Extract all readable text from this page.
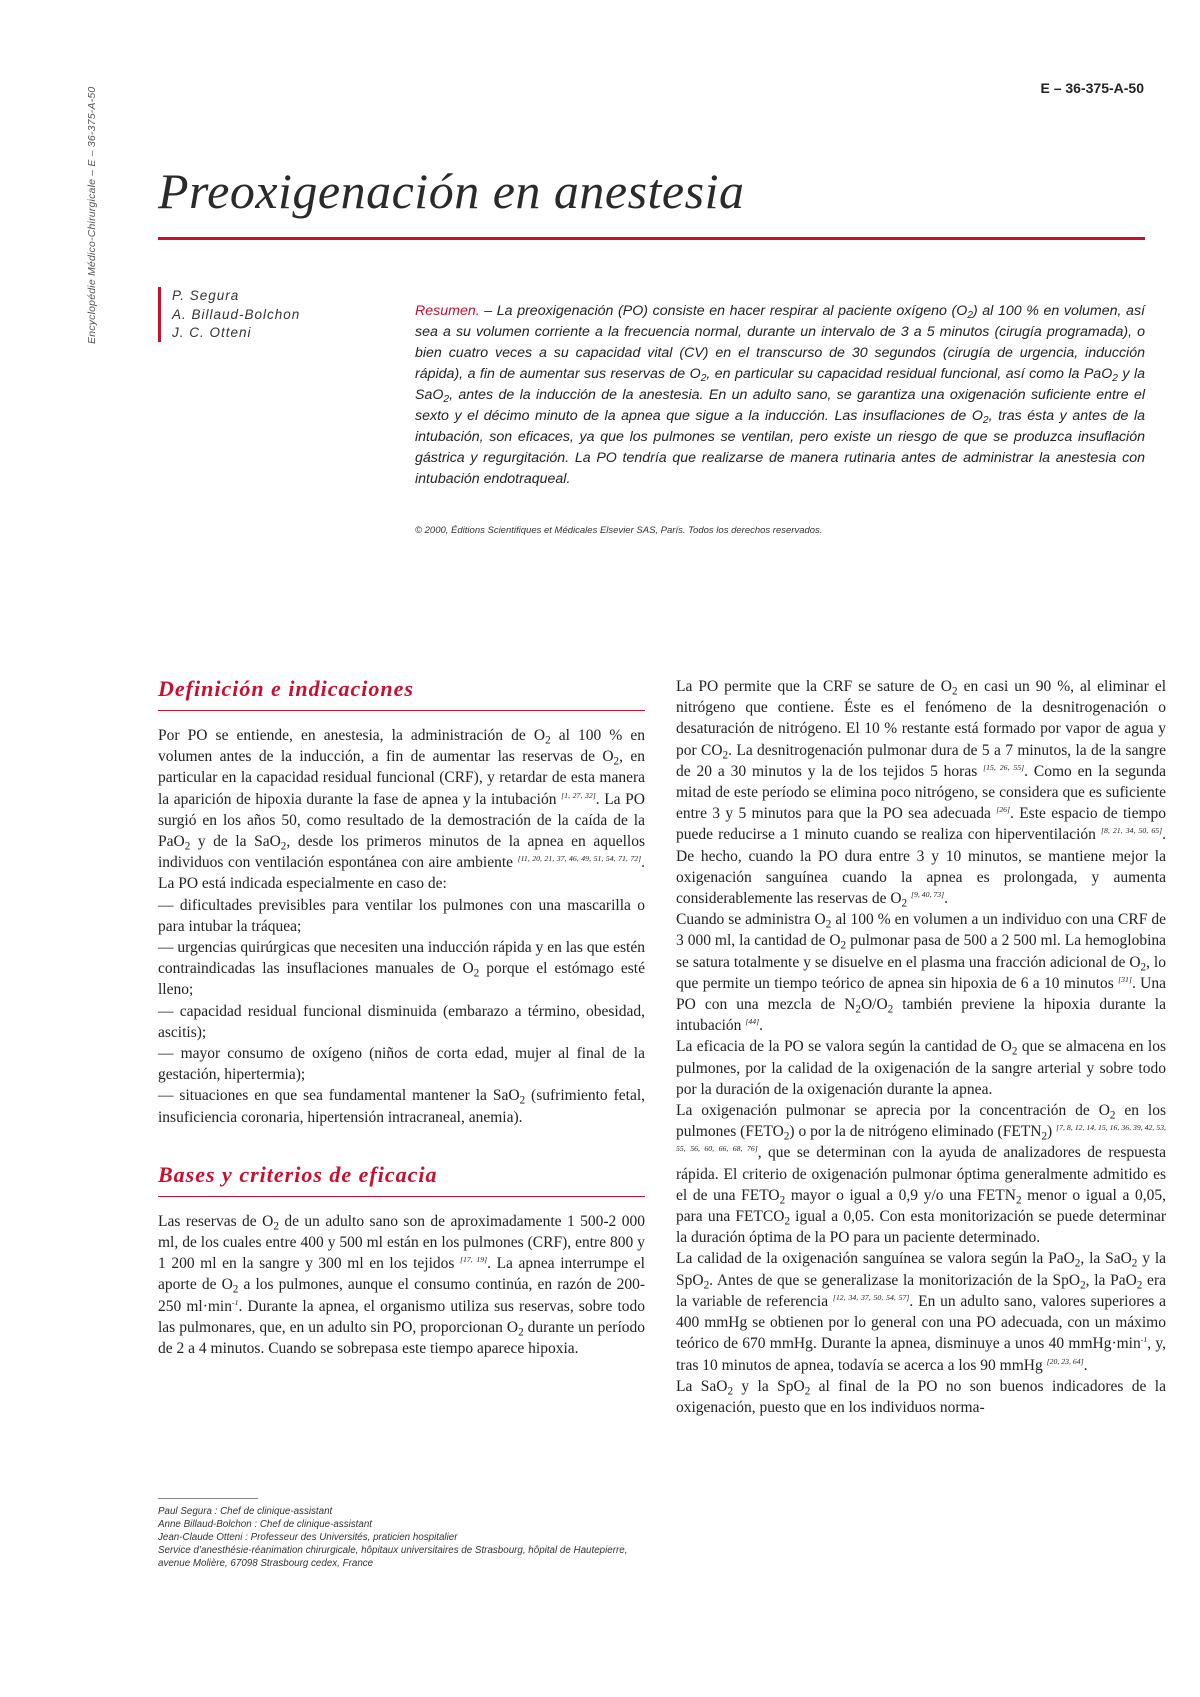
Encyclopédie Médico-Chirurgicale – E – 36-375-A-50	E – 36-375-A-50
Preoxigenación en anestesia
P. Segura
A. Billaud-Bolchon
J. C. Otteni
Resumen. – La preoxigenación (PO) consiste en hacer respirar al paciente oxígeno $(O_2)$ al 100 % en volumen, así sea a su volumen corriente a la frecuencia normal, durante un intervalo de 3 a 5 minutos (cirugía programada), o bien cuatro veces a su capacidad vital (CV) en el transcurso de 30 segundos (cirugía de urgencia, inducción rápida), a fin de aumentar sus reservas de $O_2$, en particular su capacidad residual funcional, así como la PaO$_2$ y la SaO$_2$, antes de la inducción de la anestesia. En un adulto sano, se garantiza una oxigenación suficiente entre el sexto y el décimo minuto de la apnea que sigue a la inducción. Las insuflaciones de $O_2$, tras ésta y antes de la intubación, son eficaces, ya que los pulmones se ventilan, pero existe un riesgo de que se produzca insuflación gástrica y regurgitación. La PO tendría que realizarse de manera rutinaria antes de administrar la anestesia con intubación endotraqueal.
© 2000, Éditions Scientifiques et Médicales Elsevier SAS, París. Todos los derechos reservados.
Definición e indicaciones

Por PO se entiende, en anestesia, la administración de $O_2$ al 100 % en volumen antes de la inducción, a fin de aumentar las reservas de $O_2$, en particular en la capacidad residual funcional (CRF), y retardar de esta manera la aparición de hipoxia durante la fase de apnea y la intubación [1, 27, 32]. La PO surgió en los años 50, como resultado de la demostración de la caída de la PaO$_2$ y de la SaO$_2$, desde los primeros minutos de la apnea en aquellos individuos con ventilación espontánea con aire ambiente [11, 20, 21, 37, 46, 49, 51, 54, 71, 72]. La PO está indicada especialmente en caso de:

— dificultades previsibles para ventilar los pulmones con una mascarilla o para intubar la tráquea;

— urgencias quirúrgicas que necesiten una inducción rápida y en las que estén contraindicadas las insuflaciones manuales de $O_2$ porque el estómago esté lleno;

— capacidad residual funcional disminuida (embarazo a término, obesidad, ascitis);

— mayor consumo de oxígeno (niños de corta edad, mujer al final de la gestación, hipertermia);

— situaciones en que sea fundamental mantener la SaO$_2$ (sufrimiento fetal, insuficiencia coronaria, hipertensión intracraneal, anemia).

Bases y criterios de eficacia

Las reservas de $O_2$ de un adulto sano son de aproximadamente 1 500-2 000 ml, de los cuales entre 400 y 500 ml están en los pulmones (CRF), entre 800 y 1 200 ml en la sangre y 300 ml en los tejidos [17, 19]. La apnea interrumpe el aporte de $O_2$ a los pulmones, aunque el consumo continúa, en razón de 200-250 ml·min$^{-1}$. Durante la apnea, el organismo utiliza sus reservas, sobre todo las pulmonares, que, en un adulto sin PO, proporcionan $O_2$ durante un período de 2 a 4 minutos. Cuando se sobrepasa este tiempo aparece hipoxia.

La PO permite que la CRF se sature de $O_2$ en casi un 90 %, al eliminar el nitrógeno que contiene. Éste es el fenómeno de la desnitrogenación o desaturación de nitrógeno. El 10 % restante está formado por vapor de agua y por $CO_2$. La desnitrogenación pulmonar dura de 5 a 7 minutos, la de la sangre de 20 a 30 minutos y la de los tejidos 5 horas [15, 26, 55]. Como en la segunda mitad de este período se elimina poco nitrógeno, se considera que es suficiente entre 3 y 5 minutos para que la PO sea adecuada [26]. Este espacio de tiempo puede reducirse a 1 minuto cuando se realiza con hiperventilación [8, 21, 34, 50, 65]. De hecho, cuando la PO dura entre 3 y 10 minutos, se mantiene mejor la oxigenación sanguínea cuando la apnea es prolongada, y aumenta considerablemente las reservas de $O_2$ [9, 40, 73].

Cuando se administra $O_2$ al 100 % en volumen a un individuo con una CRF de 3 000 ml, la cantidad de $O_2$ pulmonar pasa de 500 a 2 500 ml. La hemoglobina se satura totalmente y se disuelve en el plasma una fracción adicional de $O_2$, lo que permite un tiempo teórico de apnea sin hipoxia de 6 a 10 minutos [31]. Una PO con una mezcla de $N_2O/O_2$ también previene la hipoxia durante la intubación [44].

La eficacia de la PO se valora según la cantidad de $O_2$ que se almacena en los pulmones, por la calidad de la oxigenación de la sangre arterial y sobre todo por la duración de la oxigenación durante la apnea.

La oxigenación pulmonar se aprecia por la concentración de $O_2$ en los pulmones $(FETO_2)$ o por la de nitrógeno eliminado $(FETN_2)$ [7, 8, 12, 14, 15, 16, 36, 39, 42, 53, 55, 56, 60, 66, 68, 76], que se determinan con la ayuda de analizadores de respuesta rápida. El criterio de oxigenación pulmonar óptima generalmente admitido es el de una $FETO_2$ mayor o igual a 0,9 y/o una $FETN_2$ menor o igual a 0,05, para una $FETCO_2$ igual a 0,05. Con esta monitorización se puede determinar la duración óptima de la PO para un paciente determinado.

La calidad de la oxigenación sanguínea se valora según la PaO$_2$, la SaO$_2$ y la SpO$_2$. Antes de que se generalizase la monitorización de la SpO$_2$, la PaO$_2$ era la variable de referencia [12, 34, 37, 50, 54, 57]. En un adulto sano, valores superiores a 400 mmHg se obtienen por lo general con una PO adecuada, con un máximo teórico de 670 mmHg. Durante la apnea, disminuye a unos 40 mmHg·min$^{-1}$, y, tras 10 minutos de apnea, todavía se acerca a los 90 mmHg [20, 23, 64].

La SaO$_2$ y la SpO$_2$ al final de la PO no son buenos indicadores de la oxigenación, puesto que en los individuos norma-

Paul Segura : Chef de clinique-assistant
Anne Billaud-Bolchon : Chef de clinique-assistant
Jean-Claude Otteni : Professeur des Universités, praticien hospitalier
Service d’anesthésie-réanimation chirurgicale, hôpitaux universitaires de Strasbourg, hôpital de Hautepierre, avenue Molière, 67098 Strasbourg cedex, France
